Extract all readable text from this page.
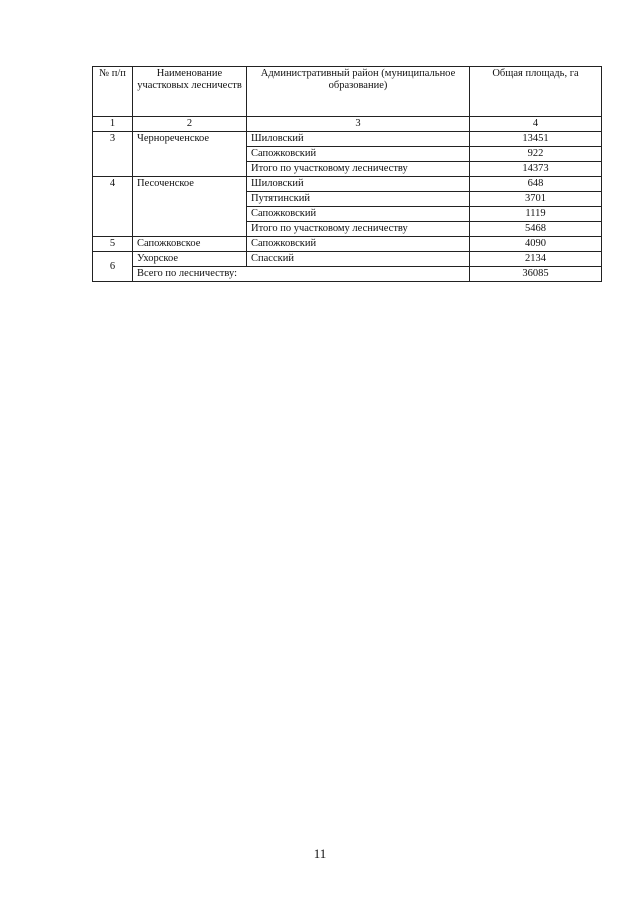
№ п/п	Наименование участковых лесничеств	Административный район (муниципальное образование)	Общая площадь, га
1	2	3	4
3	Чернореченское	Шиловский	13451
		Сапожковский	922
		Итого по участковому лесничеству	14373
4	Песоченское	Шиловский	648
		Путятинский	3701
		Сапожковский	1119
		Итого по участковому лесничеству	5468
5	Сапожковское	Сапожковский	4090
6	Ухорское	Спасский	2134
	Всего по лесничеству:		36085
11
